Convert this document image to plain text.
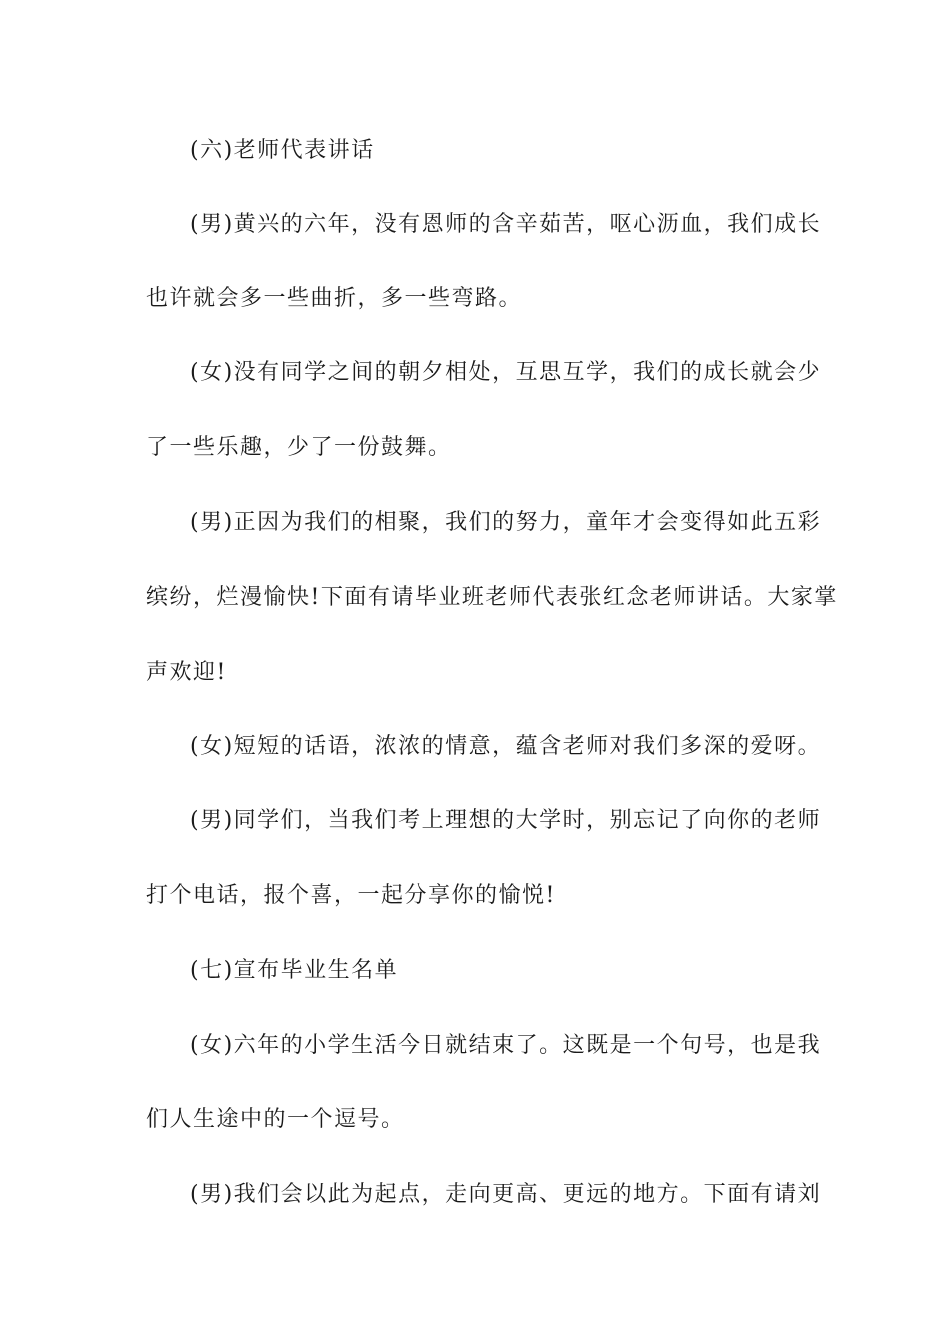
(六)老师代表讲话
(男)黄兴的六年，没有恩师的含辛茹苦，呕心沥血，我们成长
也许就会多一些曲折，多一些弯路。
(女)没有同学之间的朝夕相处，互思互学，我们的成长就会少
了一些乐趣，少了一份鼓舞。
(男)正因为我们的相聚，我们的努力，童年才会变得如此五彩
缤纷，烂漫愉快!下面有请毕业班老师代表张红念老师讲话。大家掌
声欢迎!
(女)短短的话语，浓浓的情意，蕴含老师对我们多深的爱呀。
(男)同学们，当我们考上理想的大学时，别忘记了向你的老师
打个电话，报个喜，一起分享你的愉悦!
(七)宣布毕业生名单
(女)六年的小学生活今日就结束了。这既是一个句号，也是我
们人生途中的一个逗号。
(男)我们会以此为起点，走向更高、更远的地方。下面有请刘
